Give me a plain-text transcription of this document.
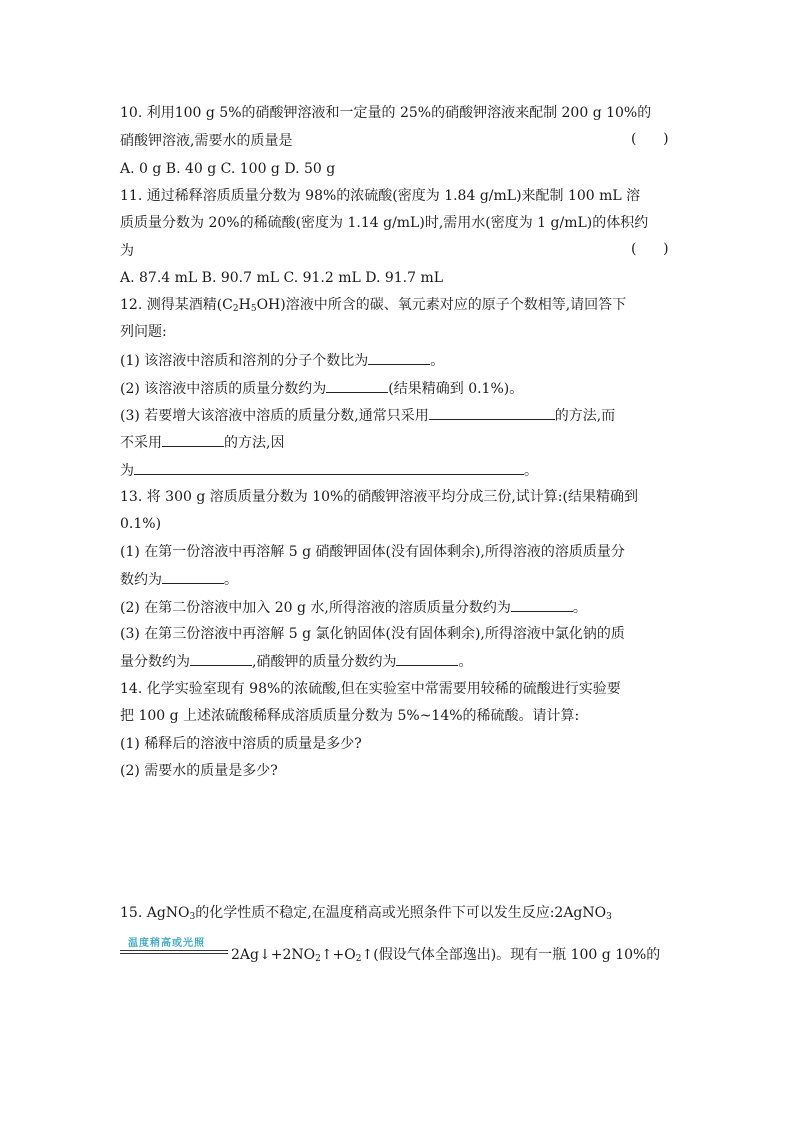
10. 利用100 g 5%的硝酸钾溶液和一定量的 25%的硝酸钾溶液来配制 200 g 10%的
硝酸钾溶液,需要水的质量是	(      )
A. 0 g B. 40 g C. 100 g D. 50 g
11. 通过稀释溶质质量分数为 98%的浓硫酸(密度为 1.84 g/mL)来配制 100 mL 溶
质质量分数为 20%的稀硫酸(密度为 1.14 g/mL)时,需用水(密度为 1 g/mL)的体积约
为	(      )
A. 87.4 mL B. 90.7 mL C. 91.2 mL D. 91.7 mL
12. 测得某酒精$(C_2H_5OH)$溶液中所含的碳、氧元素对应的原子个数相等,请回答下
列问题:
(1) 该溶液中溶质和溶剂的分子个数比为	。
(2) 该溶液中溶质的质量分数约为	(结果精确到 0.1%)。
(3) 若要增大该溶液中溶质的质量分数,通常只采用	的方法,而
不采用	的方法,因
为	。
13. 将 300 g 溶质质量分数为 10%的硝酸钾溶液平均分成三份,试计算:(结果精确到
0.1%)
(1) 在第一份溶液中再溶解 5 g 硝酸钾固体(没有固体剩余),所得溶液的溶质质量分
数约为	。
(2) 在第二份溶液中加入 20 g 水,所得溶液的溶质质量分数约为	。
(3) 在第三份溶液中再溶解 5 g 氯化钠固体(没有固体剩余),所得溶液中氯化钠的质
量分数约为	,硝酸钾的质量分数约为	。
14. 化学实验室现有 98%的浓硫酸,但在实验室中常需要用较稀的硫酸进行实验要
把 100 g 上述浓硫酸稀释成溶质质量分数为 5%~14%的稀硫酸。请计算:
(1) 稀释后的溶液中溶质的质量是多少?
(2) 需要水的质量是多少?
15. AgNO$_3$的化学性质不稳定,在温度稍高或光照条件下可以发生反应:2AgNO$_3$
温度稍高或光照
$2Ag↓+2NO_2↑+O_2↑$(假设气体全部逸出)。现有一瓶 100 g 10%的
